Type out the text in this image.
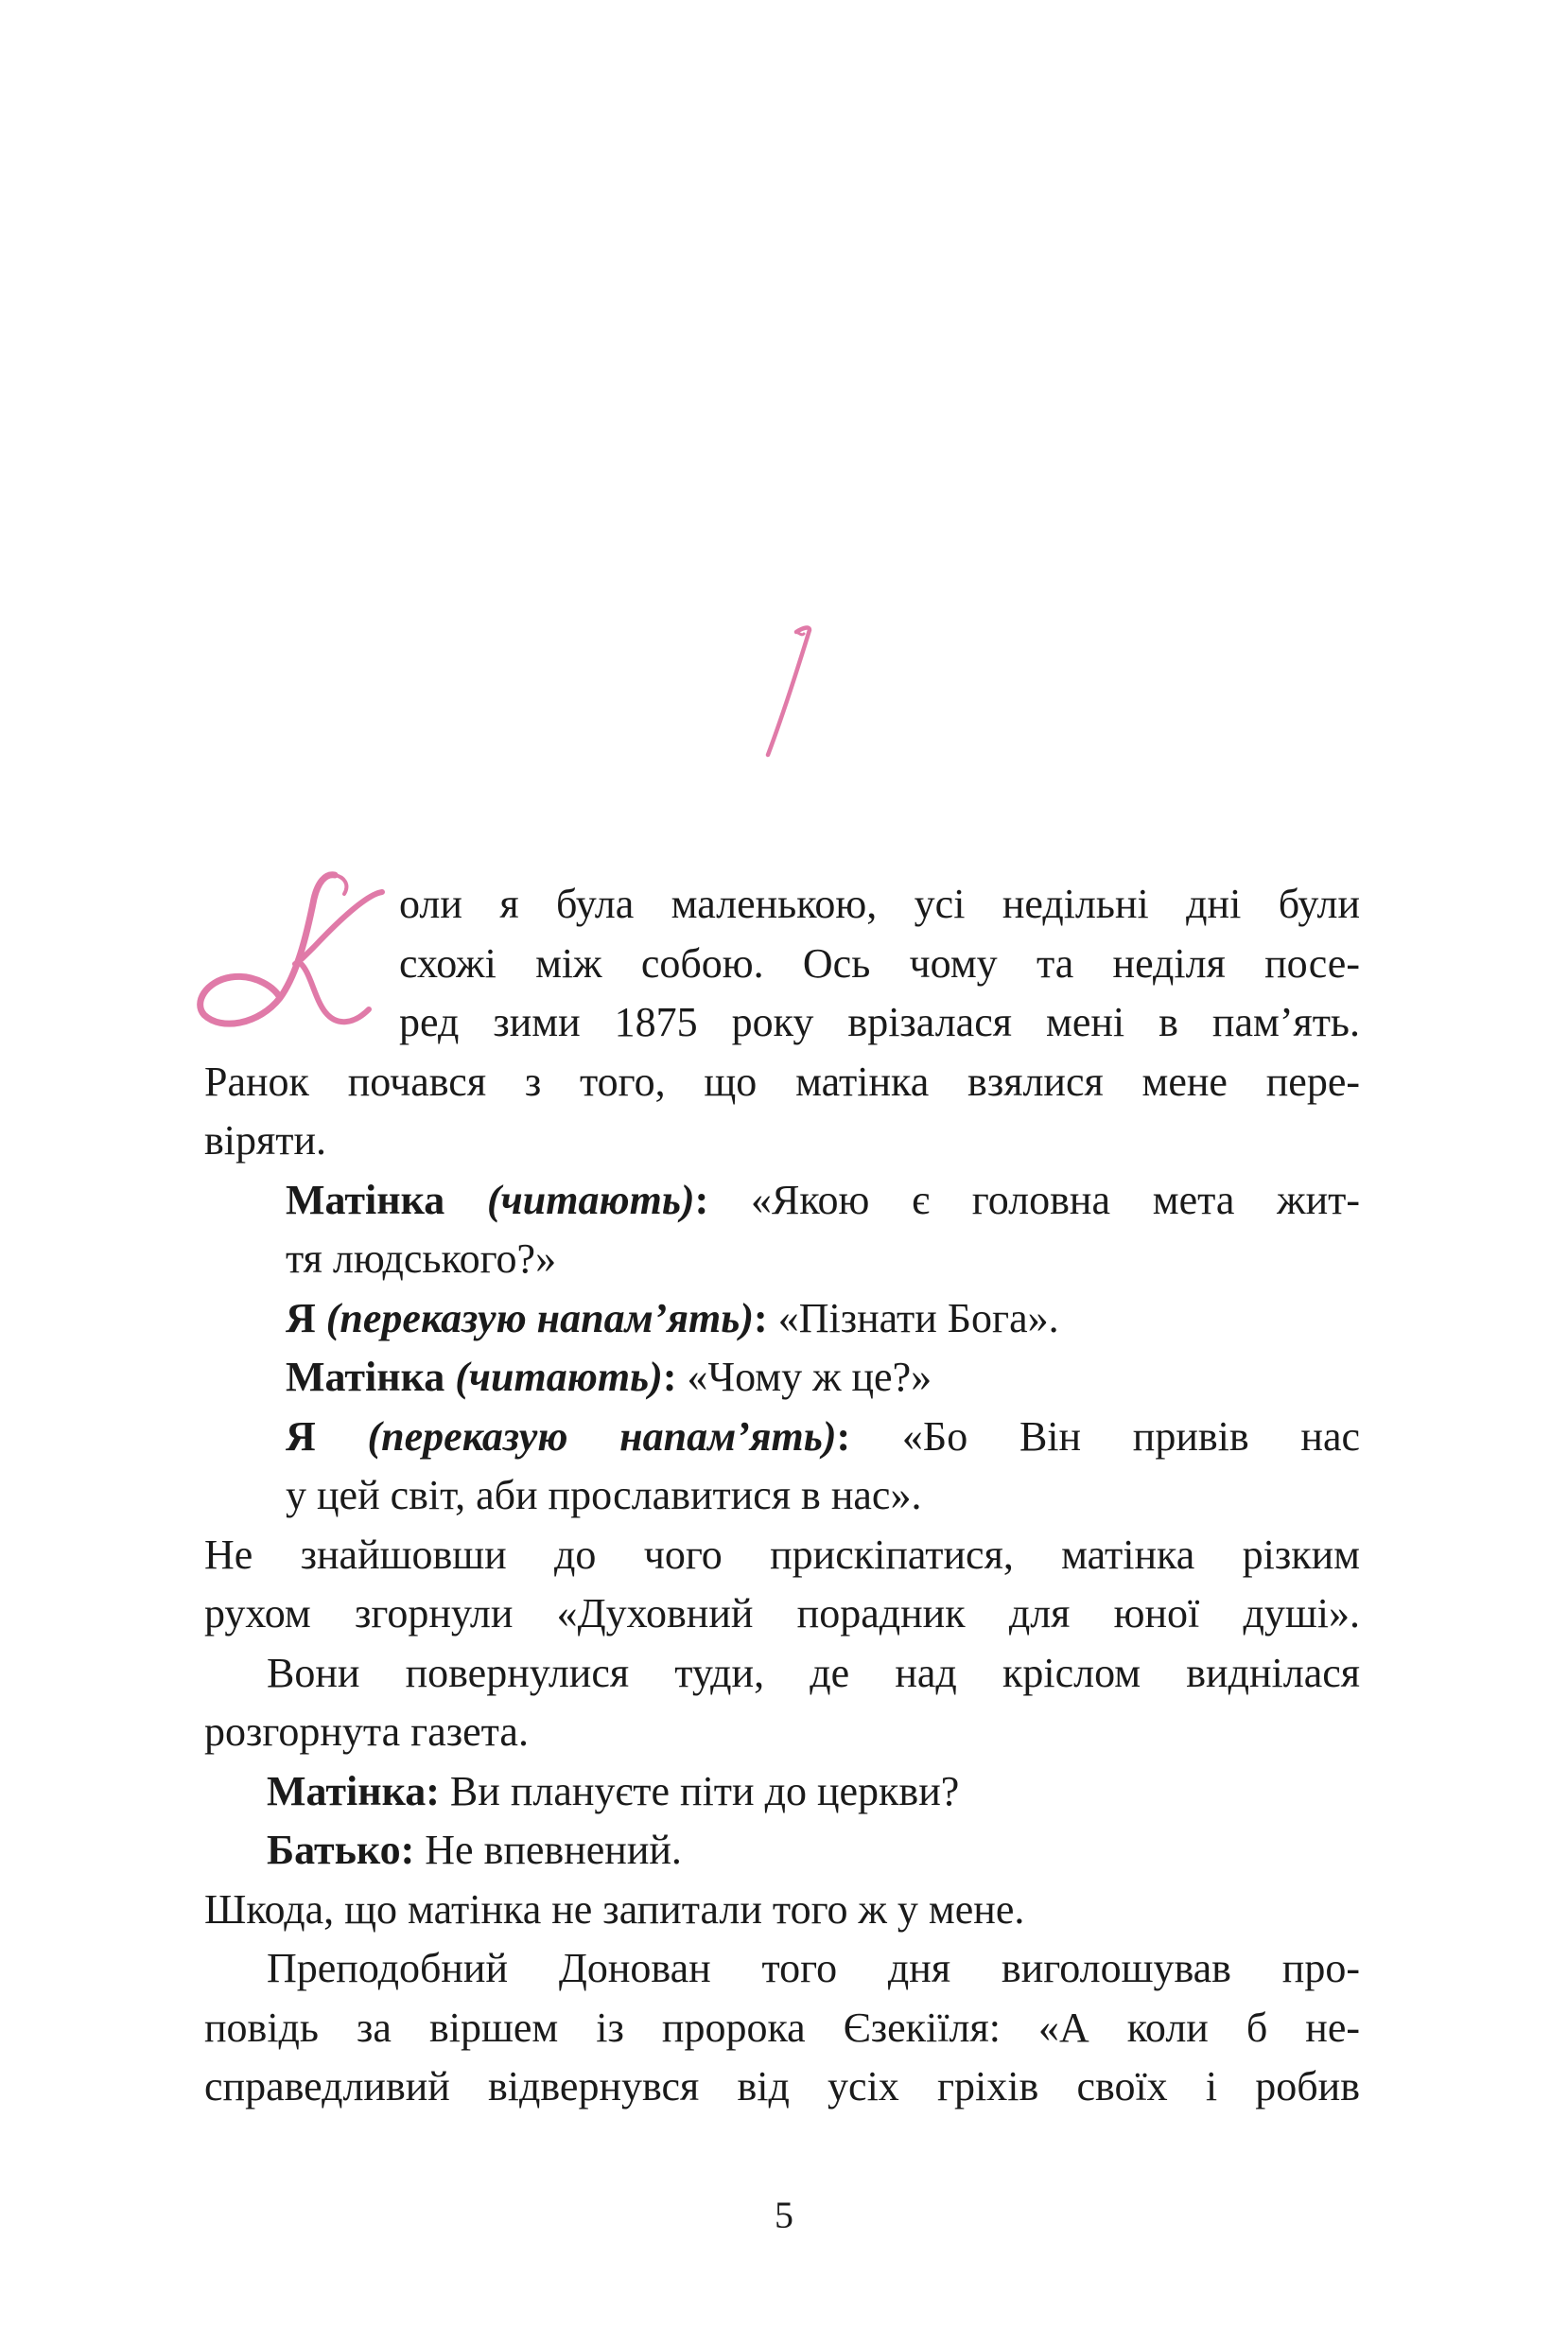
оли я була маленькою, усі недільні дні були
схожі між собою. Ось чому та неділя посе-
ред зими 1875 року врізалася мені в пам’ять.
Ранок почався з того, що матінка взялися мене пере-
віряти.
Матінка (читають): «Якою є головна мета жит-
тя людського?»
Я (переказую напам’ять): «Пізнати Бога».
Матінка (читають): «Чому ж це?»
Я (переказую напам’ять): «Бо Він привів нас
у цей світ, аби прославитися в нас».
Не знайшовши до чого прискіпатися, матінка різким
рухом згорнули «Духовний порадник для юної душі».
Вони повернулися туди, де над кріслом виднілася
розгорнута газета.
Матінка: Ви плануєте піти до церкви?
Батько: Не впевнений.
Шкода, що матінка не запитали того ж у мене.
Преподобний Донован того дня виголошував про-
повідь за віршем із пророка Єзекіїля: «А коли б не-
справедливий відвернувся від усіх гріхів своїх і робив
5
